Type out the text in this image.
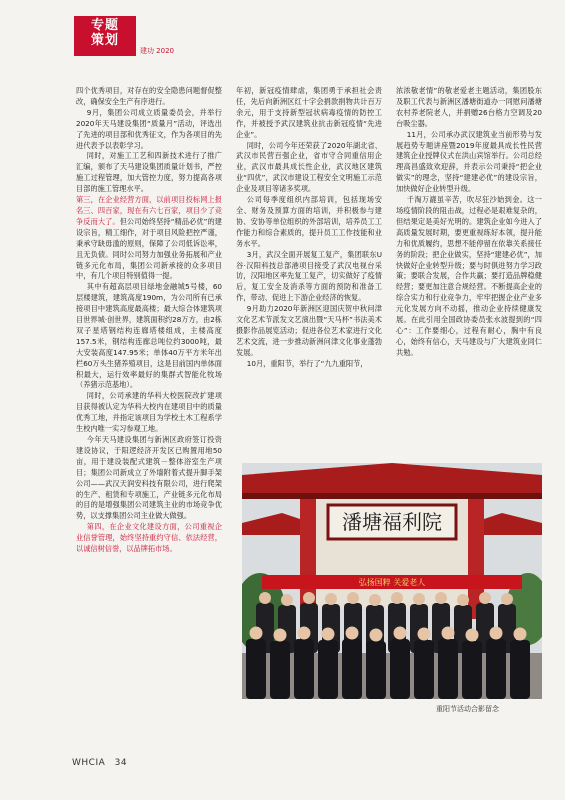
专题
策划
建功 2020

四个优秀项目，对存在的安全隐患问题督促整改，确保安全生产有序进行。

9月，集团公司成立质量委员会，并举行2020年天马建设集团“质量月”活动，评选出了先进的项目部和优秀征文，作为各项目的先进代表予以表彰学习。

同时，对施工工艺和四新技术进行了推广汇编，颁布了天马建设集团质量计划书，严控施工过程管理，加大管控力度，努力提高各项目部的施工管理水平。

第三，在企业经营方面，以前项目投标网上报名三、四百家，现在有六七百家，项目少了竞争反而大了。

但公司始终坚持“精品必优”的建设宗旨，精工细作，对于项目风险把控严谨，秉承守缺毋滥的原则，保障了公司低诉讼率，且无负债。同时公司努力加强业务拓展和产业链多元化布局，集团公司新承接的众多项目中，有几个项目特别值得一提。

其中有超高层项目绿地金融城5号楼，60层楼建筑，建筑高度190m，为公司所有已承接项目中建筑高度最高楼；最大综合体建筑项目世界城·创世界，建筑面积约28万方，由2栋双子星塔钢结构连廊塔楼组成，主楼高度157.5米，钢结构连廊总吨位约3000吨，最大安装高度147.95米；单体40万平方米年出栏60万头生猪养殖项目，这是目前国内单体面积最大，运行效率最好的集群式智能化牧场（养猪示范基地）。

同时，公司承建的华科大校医院改扩建项目获得被认定为华科大校内在建项目中的质量优秀工地，并指定该项目为学校土木工程系学生校内唯一实习参观工地。

今年天马建设集团与新洲区政府签订投资建设协议，于阳逻经济开发区已购置用地50亩，用于建设装配式建筑－整体浴室生产项目；集团公司新成立了外墙附着式提升脚手架公司——武汉天润安科技有限公司，进行爬架的生产、租赁和专项施工，产业链多元化布局的目的是增强集团公司建筑主业的市场竞争优势，以支撑集团公司主业做大做强。

第四，在企业文化建设方面，公司重视企业信誉管理，始终坚持重约守信、依法经营，以诚信树信誉，以品牌拓市场。

年初，新冠疫情肆虐，集团勇于承担社会责任，先后向新洲区红十字会捐款捐物共计百万余元，用于支持新型冠状病毒疫情的防控工作，并被授予武汉建筑业抗击新冠疫情“先进企业”。

同时，公司今年还荣获了2020年湖北省、武汉市民营百强企业，省市守合同重信用企业，武汉市最具成长性企业，武汉地区建筑业“四优”，武汉市建设工程安全文明施工示范企业及项目等诸多奖项。

公司每季度组织内部培训，包括现场安全、财务及预算方面的培训，并积极参与建协、安协等单位组织的外部培训，培养员工工作能力和综合素质的，提升员工工作技能和业务水平。

3月，武汉全面开展复工复产，集团联东U谷·汉阳科技总部港项目接受了武汉电视台采访，汉阳地区率先复工复产，切实做好了疫情后，复工安全及消杀等方面的预防和准备工作，带动、促进上下游企业经济的恢复。

9月助力2020年新洲区迎国庆贺中秋问津文化艺术节派发文艺演出暨“天马杯”书法美术摄影作品展览活动；促进各位艺术家进行文化艺术交流，进一步推动新洲问津文化事业蓬勃发展。

10月，重阳节，举行了“九九重阳节，

浓浓敬老情”的敬老爱老主题活动，集团股东及职工代表与新洲区潘塘街道办一同慰问潘塘农村养老院老人，并捐赠26台格力空调及20台吸尘器。

11月，公司承办武汉建筑业当前形势与发展趋势专题讲座暨2019年度最具成长性民营建筑企业授牌仪式在洪山宾馆举行。公司总经理高昌盛致欢迎辞，并表示公司秉持“把企业做实”的理念，坚持“建建必优”的建设宗旨，加快做好企业转型升级。

千淘万漉虽辛苦，吹尽狂沙始到金。这一场疫情阶段的阻击战，过程必是艰难复杂的，但结果定是美好光明的。建筑企业如今进入了高质量发展时期，要更重视练好本领，提升能力和优质履约，思想不能停留在依靠关系接任务的阶段；把企业做实，坚持“建建必优”，加快做好企业转型升级；要与时俱进努力学习政策；要联合发展，合作共赢；要打造品牌稳健经营；要更加注意合规经营。不断提高企业的综合实力和行业竞争力，牢牢把握企业产业多元化发展方向不动摇，推动企业持续健康发展。在此引用全国政协委员张水波提到的“四心”：工作要细心，过程有耐心，胸中有良心，始终有信心，天马建设与广大建筑业同仁共勉。

潘塘福利院
弘扬国粹 关爱老人
重阳节活动合影留念
WHCIA 34
